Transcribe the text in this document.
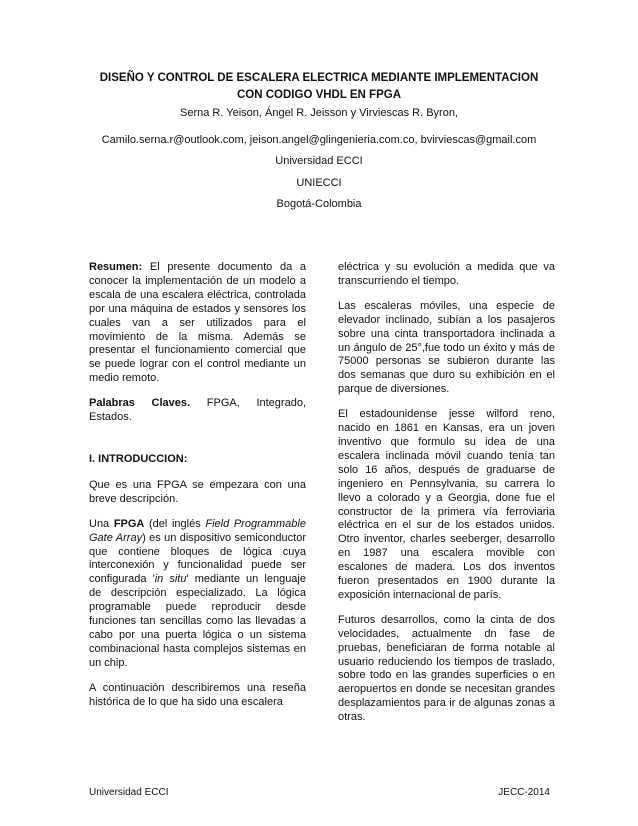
DISEÑO Y CONTROL DE ESCALERA ELECTRICA MEDIANTE IMPLEMENTACION
CON CODIGO VHDL EN FPGA
Serna R. Yeison, Ángel R. Jeisson y Virviescas R. Byron,
Camilo.serna.r@outlook.com, jeison.angel@glingenieria.com.co, bvirviescas@gmail.com
Universidad ECCI
UNIECCI
Bogotá-Colombia

Resumen: El presente documento da a conocer la implementación de un modelo a escala de una escalera eléctrica, controlada por una máquina de estados y sensores los cuales van a ser utilizados para el movimiento de la misma. Además se presentar el funcionamiento comercial que se puede lograr con el control mediante un medio remoto.

Palabras Claves. FPGA, Integrado, Estados.

I. INTRODUCCION:

Que es una FPGA se empezara con una breve descripción.

Una FPGA (del inglés Field Programmable Gate Array) es un dispositivo semiconductor que contiene bloques de lógica cuya interconexión y funcionalidad puede ser configurada 'in situ' mediante un lenguaje de descripción especializado. La lógica programable puede reproducir desde funciones tan sencillas como las llevadas a cabo por una puerta lógica o un sistema combinacional hasta complejos sistemas en un chip.

A continuación describiremos una reseña histórica de lo que ha sido una escalera

eléctrica y su evolución a medida que va transcurriendo el tiempo.

Las escaleras móviles, una especie de elevador inclinado, subían a los pasajeros sobre una cinta transportadora inclinada a un ángulo de 25°,fue todo un éxito y más de 75000 personas se subieron durante las dos semanas que duro su exhibición en el parque de diversiones.

El estadounidense jesse wilford reno, nacido en 1861 en Kansas, era un joven inventivo que formulo su idea de una escalera inclinada móvil cuando tenía tan solo 16 años, después de graduarse de ingeniero en Pennsylvania, su carrera lo llevo a colorado y a Georgia, done fue el constructor de la primera vía ferroviaria eléctrica en el sur de los estados unidos. Otro inventor, charles seeberger, desarrollo en 1987 una escalera movible con escalones de madera. Los dos inventos fueron presentados en 1900 durante la exposición internacional de parís.

Futuros desarrollos, como la cinta de dos velocidades, actualmente dn fase de pruebas, beneficiaran de forma notable al usuario reduciendo los tiempos de traslado, sobre todo en las grandes superficies o en aeropuertos en donde se necesitan grandes desplazamientos para ir de algunas zonas a otras.

Universidad ECCI	JECC-2014
